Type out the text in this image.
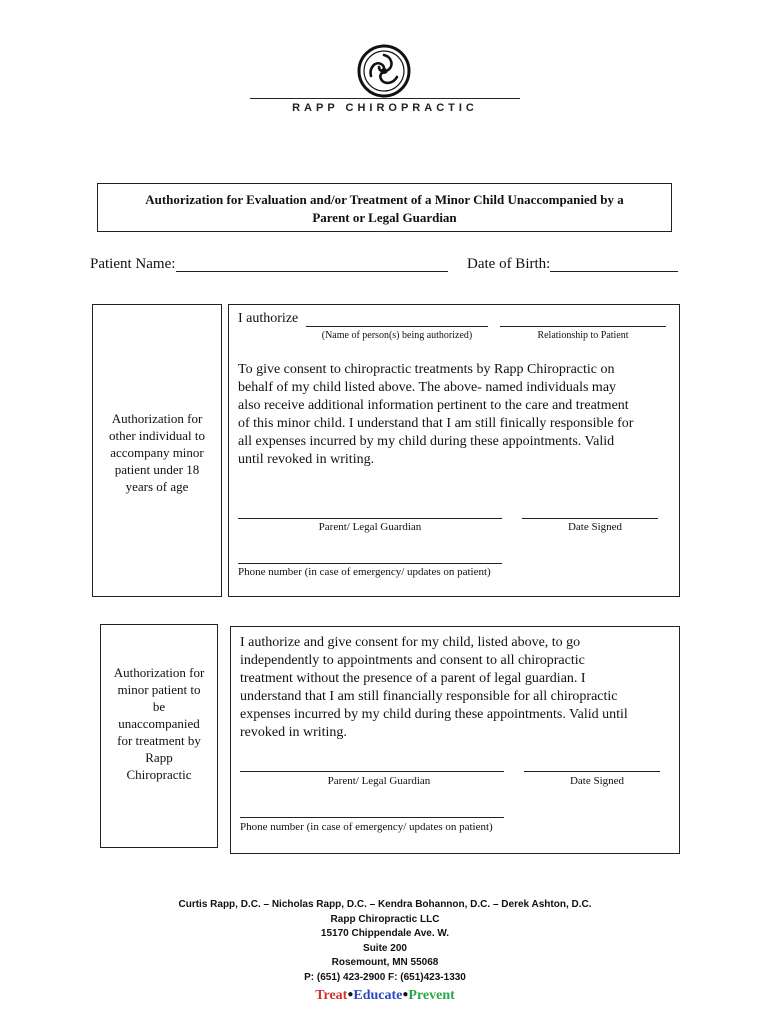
RAPP CHIROPRACTIC
Authorization for Evaluation and/or Treatment of a Minor Child Unaccompanied by a
Parent or Legal Guardian
Patient Name:	Date of Birth:
Authorization for
other individual to
accompany minor
patient under 18
years of age
I authorize
(Name of person(s) being authorized)	Relationship to Patient
To give consent to chiropractic treatments by Rapp Chiropractic on
behalf of my child listed above. The above- named individuals may
also receive additional information pertinent to the care and treatment
of this minor child. I understand that I am still finically responsible for
all expenses incurred by my child during these appointments. Valid
until revoked in writing.
Parent/ Legal Guardian	Date Signed
Phone number (in case of emergency/ updates on patient)
Authorization for
minor patient to
be
unaccompanied
for treatment by
Rapp
Chiropractic
I authorize and give consent for my child, listed above, to go
independently to appointments and consent to all chiropractic
treatment without the presence of a parent of legal guardian. I
understand that I am still financially responsible for all chiropractic
expenses incurred by my child during these appointments. Valid until
revoked in writing.
Parent/ Legal Guardian	Date Signed
Phone number (in case of emergency/ updates on patient)
Curtis Rapp, D.C. – Nicholas Rapp, D.C. – Kendra Bohannon, D.C. – Derek Ashton, D.C.
Rapp Chiropractic LLC
15170 Chippendale Ave. W.
Suite 200
Rosemount, MN 55068
P: (651) 423-2900 F: (651)423-1330
Treat●Educate●Prevent
